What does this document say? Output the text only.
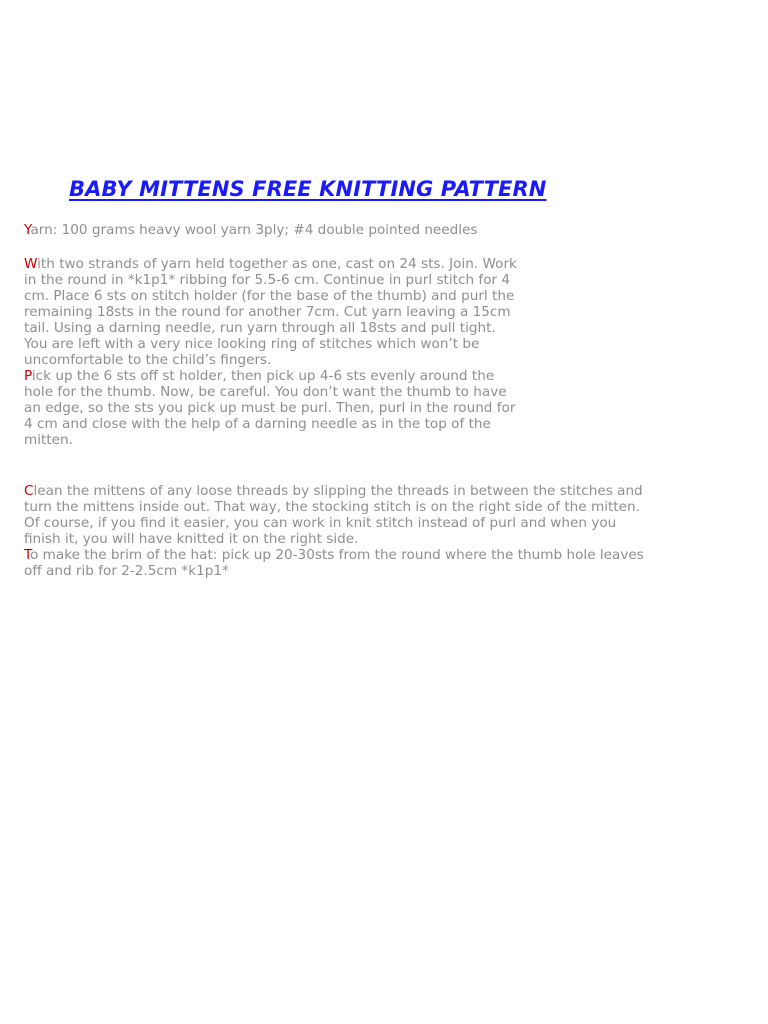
BABY MITTENS FREE KNITTING PATTERN

Yarn: 100 grams heavy wool yarn 3ply; #4 double pointed needles

With two strands of yarn held together as one, cast on 24 sts. Join. Work
in the round in *k1p1* ribbing for 5.5-6 cm. Continue in purl stitch for 4
cm. Place 6 sts on stitch holder (for the base of the thumb) and purl the
remaining 18sts in the round for another 7cm. Cut yarn leaving a 15cm
tail. Using a darning needle, run yarn through all 18sts and pull tight.
You are left with a very nice looking ring of stitches which won’t be
uncomfortable to the child’s fingers.

Pick up the 6 sts off st holder, then pick up 4-6 sts evenly around the
hole for the thumb. Now, be careful. You don’t want the thumb to have
an edge, so the sts you pick up must be purl. Then, purl in the round for
4 cm and close with the help of a darning needle as in the top of the
mitten.

Clean the mittens of any loose threads by slipping the threads in between the stitches and
turn the mittens inside out. That way, the stocking stitch is on the right side of the mitten.
Of course, if you find it easier, you can work in knit stitch instead of purl and when you
finish it, you will have knitted it on the right side.

To make the brim of the hat: pick up 20-30sts from the round where the thumb hole leaves
off and rib for 2-2.5cm *k1p1*
